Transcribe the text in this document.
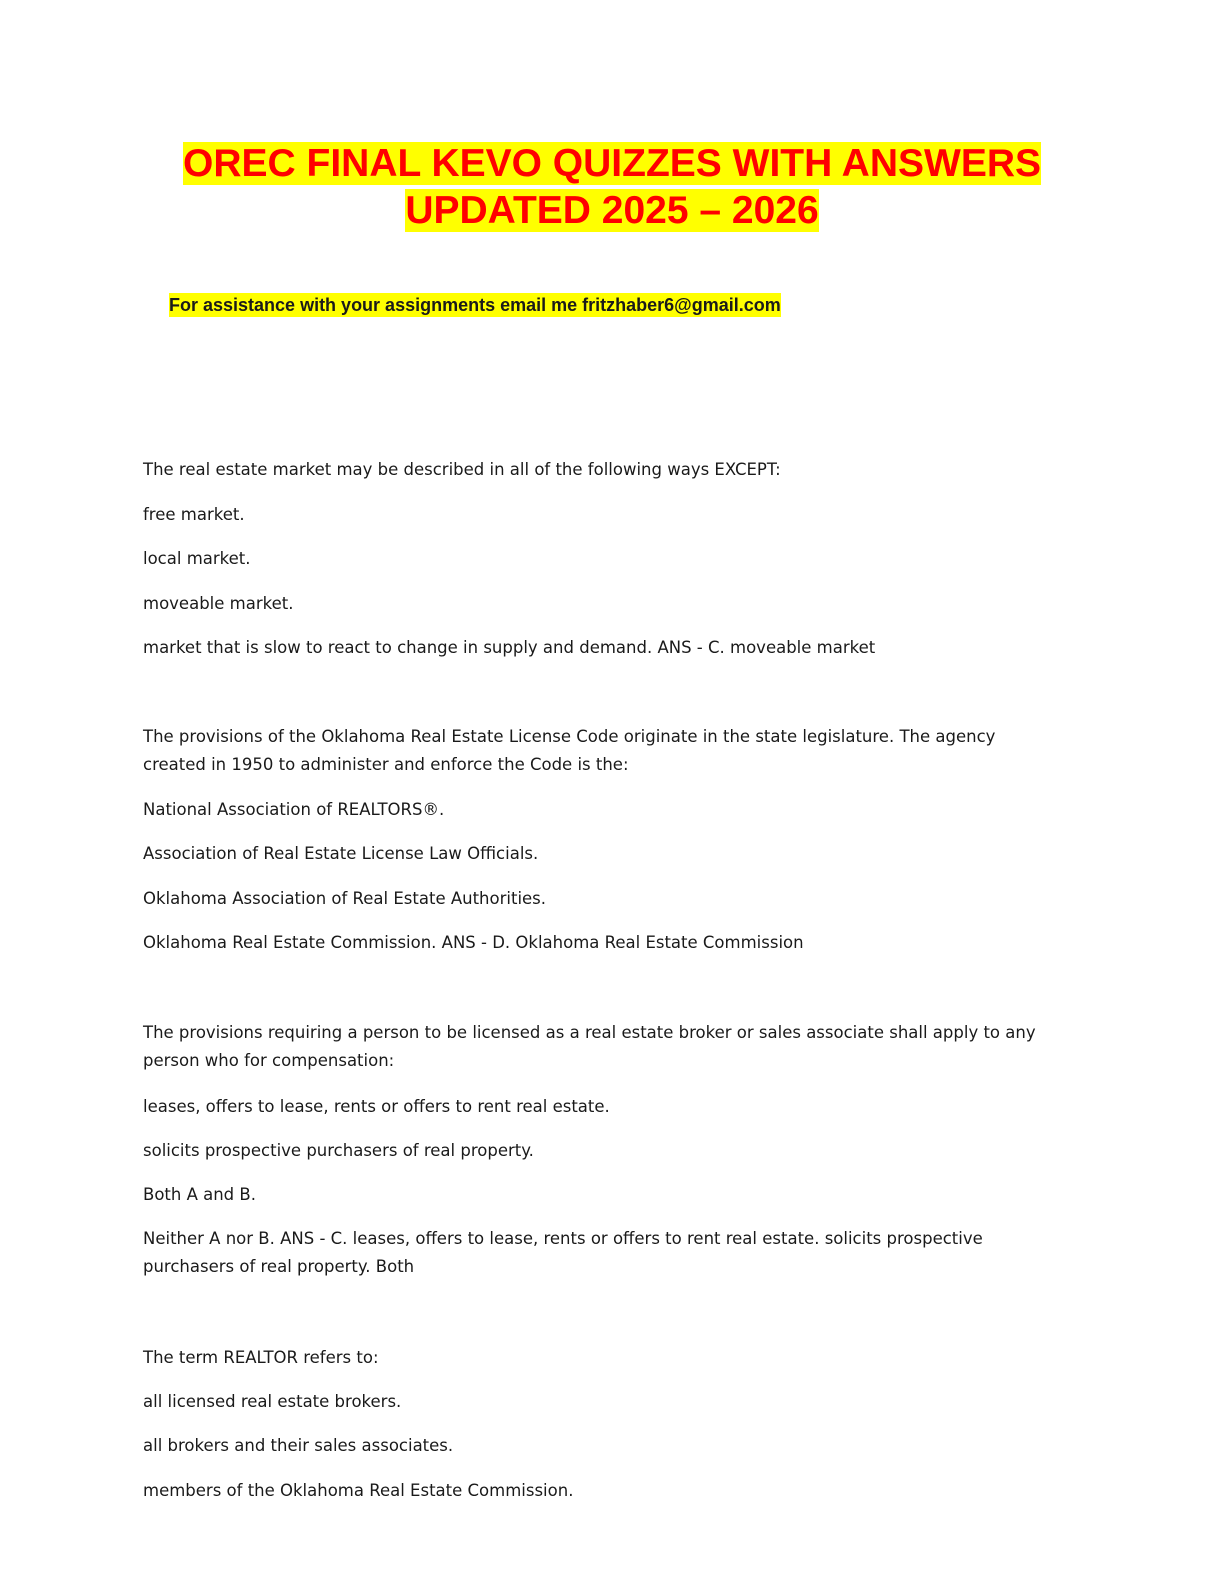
OREC FINAL KEVO QUIZZES WITH ANSWERS
UPDATED 2025 – 2026
For assistance with your assignments email me fritzhaber6@gmail.com

The real estate market may be described in all of the following ways EXCEPT:

free market.

local market.

moveable market.

market that is slow to react to change in supply and demand. ANS - C. moveable market

The provisions of the Oklahoma Real Estate License Code originate in the state legislature. The agency created in 1950 to administer and enforce the Code is the:

National Association of REALTORS®.

Association of Real Estate License Law Officials.

Oklahoma Association of Real Estate Authorities.

Oklahoma Real Estate Commission. ANS - D. Oklahoma Real Estate Commission

The provisions requiring a person to be licensed as a real estate broker or sales associate shall apply to any person who for compensation:

leases, offers to lease, rents or offers to rent real estate.

solicits prospective purchasers of real property.

Both A and B.

Neither A nor B. ANS - C. leases, offers to lease, rents or offers to rent real estate. solicits prospective purchasers of real property. Both

The term REALTOR refers to:

all licensed real estate brokers.

all brokers and their sales associates.

members of the Oklahoma Real Estate Commission.
